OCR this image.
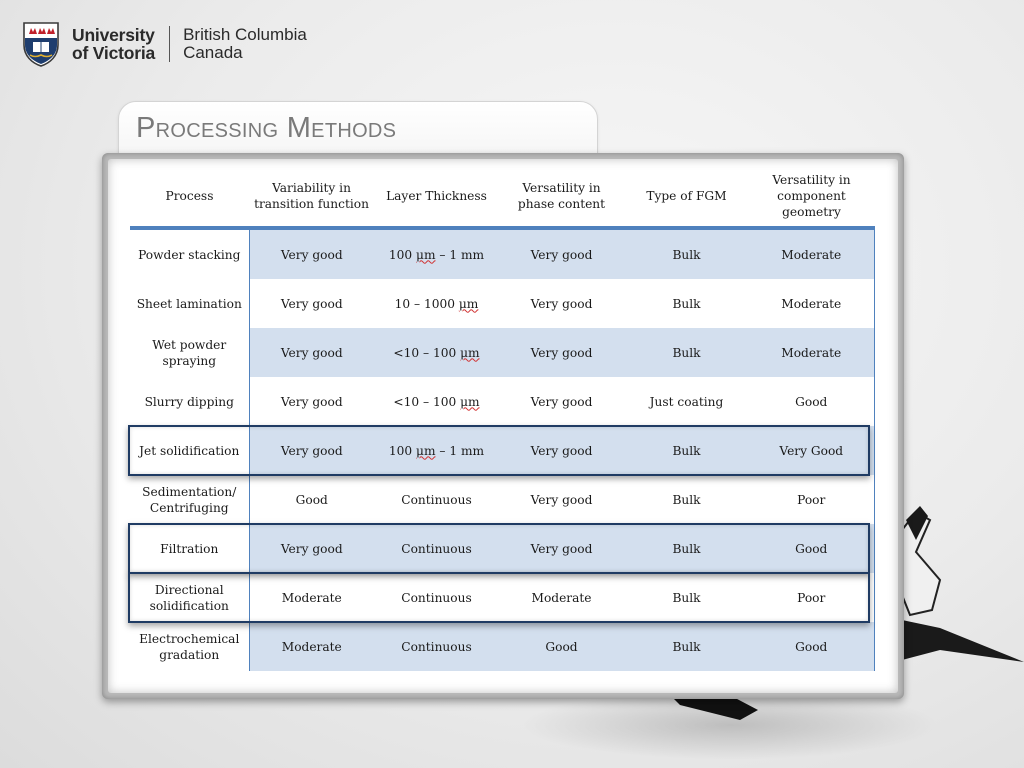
University
of Victoria
British Columbia
Canada
Processing Methods
Process	Variability in transition function	Layer Thickness	Versatility in phase content	Type of FGM	Versatility in component geometry
Powder stacking	Very good	100 μm – 1 mm	Very good	Bulk	Moderate
Sheet lamination	Very good	10 – 1000 μm	Very good	Bulk	Moderate
Wet powder spraying	Very good	<10 – 100 μm	Very good	Bulk	Moderate
Slurry dipping	Very good	<10 – 100 μm	Very good	Just coating	Good
Jet solidification	Very good	100 μm – 1 mm	Very good	Bulk	Very Good
Sedimentation/ Centrifuging	Good	Continuous	Very good	Bulk	Poor
Filtration	Very good	Continuous	Very good	Bulk	Good
Directional solidification	Moderate	Continuous	Moderate	Bulk	Poor
Electrochemical gradation	Moderate	Continuous	Good	Bulk	Good
